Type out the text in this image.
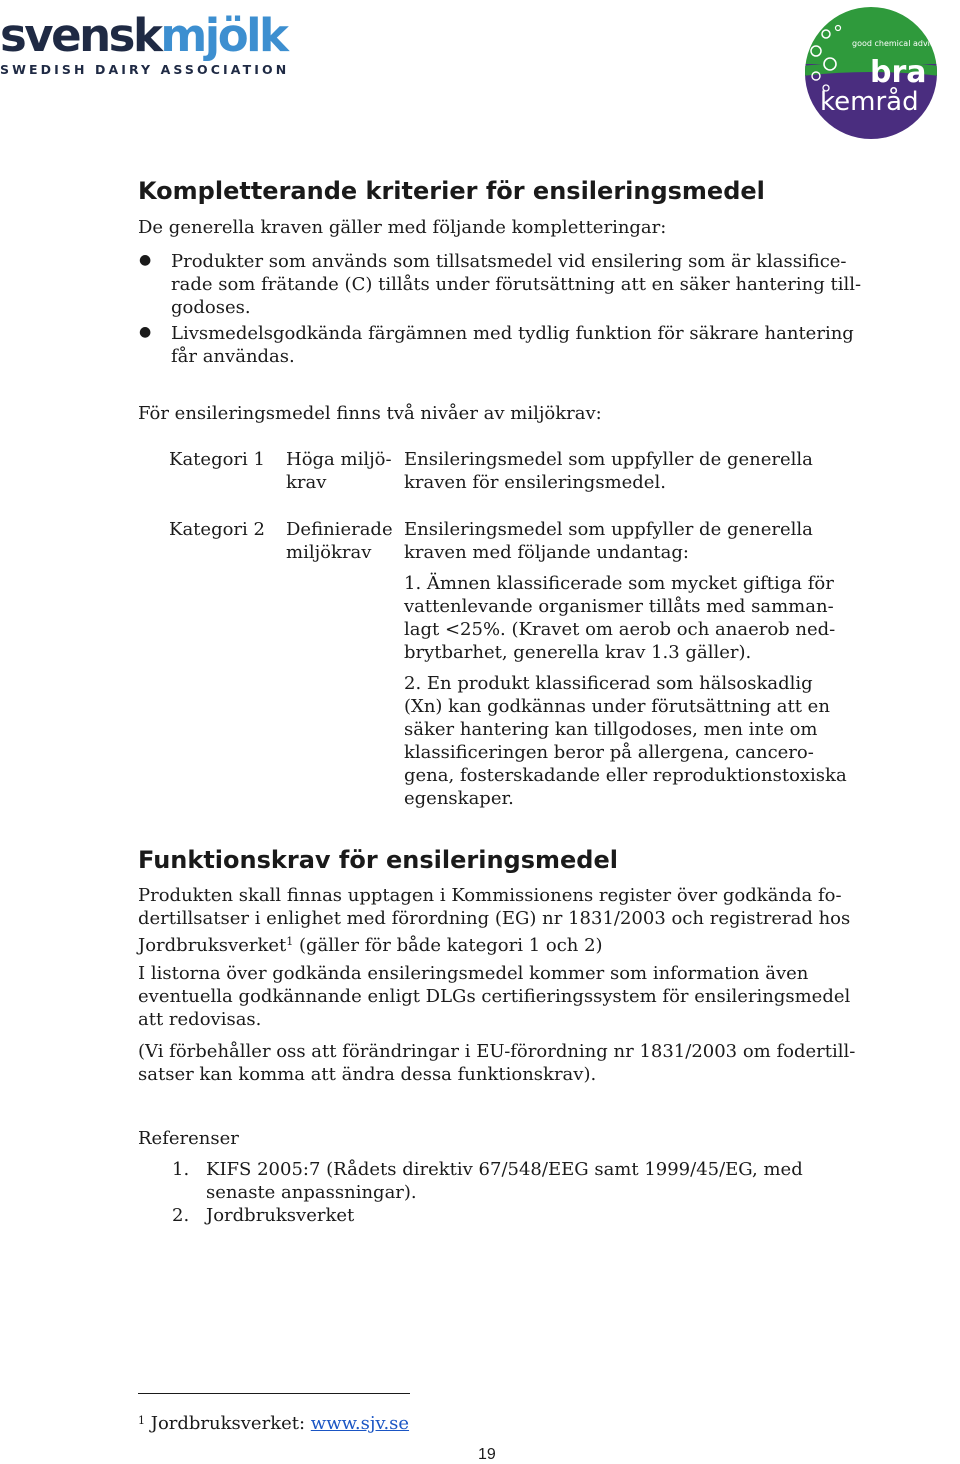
svenskmjölk
SWEDISH DAIRY ASSOCIATION
good chemical advice
bra
kemråd
Kompletterande kriterier för ensileringsmedel
De generella kraven gäller med följande kompletteringar:
● Produkter som används som tillsatsmedel vid ensilering som är klassifice-
rade som frätande (C) tillåts under förutsättning att en säker hantering till-
godoses.
● Livsmedelsgodkända färgämnen med tydlig funktion för säkrare hantering
får användas.
För ensileringsmedel finns två nivåer av miljökrav:
Kategori 1 Höga miljö-
krav
Ensileringsmedel som uppfyller de generella
kraven för ensileringsmedel.
Kategori 2 Definierade
miljökrav
Ensileringsmedel som uppfyller de generella
kraven med följande undantag:
1. Ämnen klassificerade som mycket giftiga för
vattenlevande organismer tillåts med samman-
lagt <25%. (Kravet om aerob och anaerob ned-
brytbarhet, generella krav 1.3 gäller).
2. En produkt klassificerad som hälsoskadlig
(Xn) kan godkännas under förutsättning att en
säker hantering kan tillgodoses, men inte om
klassificeringen beror på allergena, cancero-
gena, fosterskadande eller reproduktionstoxiska
egenskaper.
Funktionskrav för ensileringsmedel
Produkten skall finnas upptagen i Kommissionens register över godkända fo-
dertillsatser i enlighet med förordning (EG) nr 1831/2003 och registrerad hos
Jordbruksverket$^1$ (gäller för både kategori 1 och 2)
I listorna över godkända ensileringsmedel kommer som information även
eventuella godkännande enligt DLGs certifieringssystem för ensileringsmedel
att redovisas.
(Vi förbehåller oss att förändringar i EU-förordning nr 1831/2003 om fodertill-
satser kan komma att ändra dessa funktionskrav).
Referenser
1. KIFS 2005:7 (Rådets direktiv 67/548/EEG samt 1999/45/EG, med
senaste anpassningar).
2. Jordbruksverket
$^1$ Jordbruksverket: www.sjv.se
19
